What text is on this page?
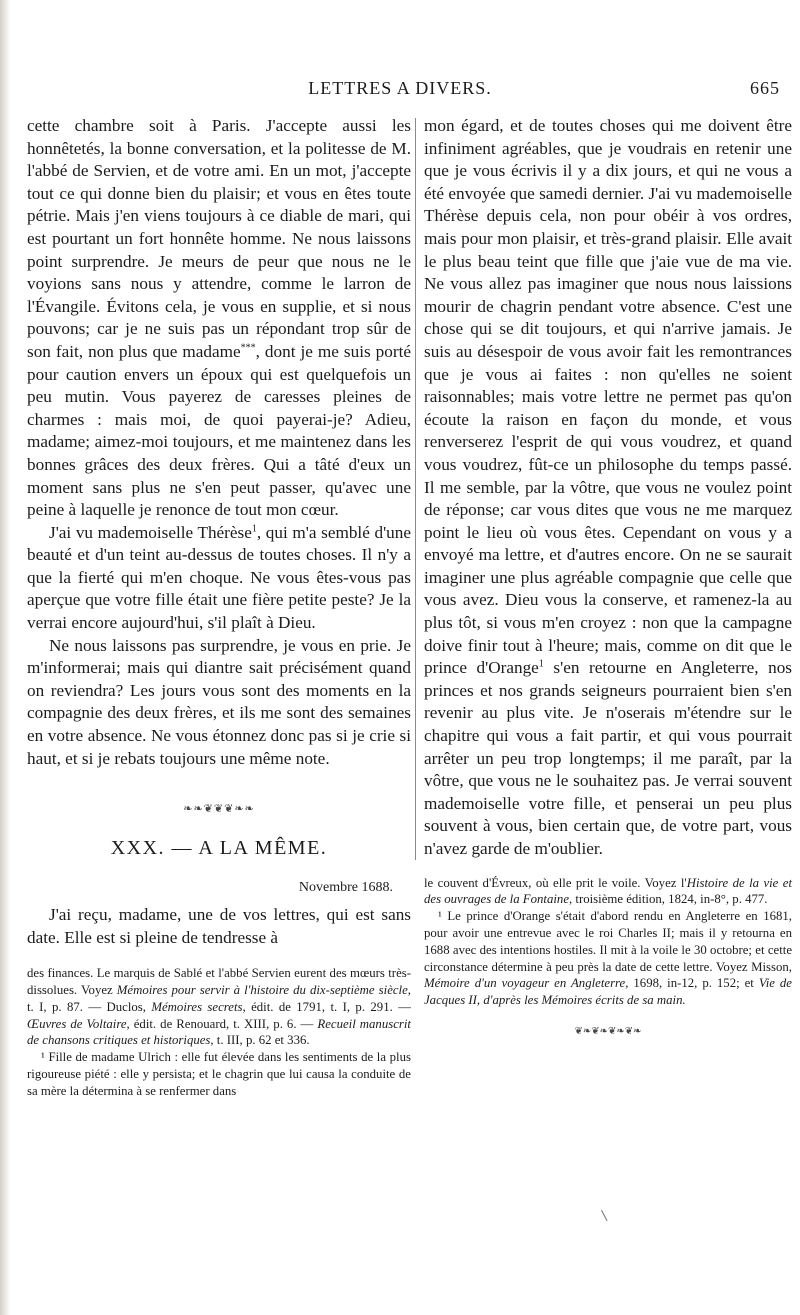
LETTRES A DIVERS.	665

cette chambre soit à Paris. J'accepte aussi les honnêtetés, la bonne conversation, et la politesse de M. l'abbé de Servien, et de votre ami. En un mot, j'accepte tout ce qui donne bien du plaisir; et vous en êtes toute pétrie. Mais j'en viens toujours à ce diable de mari, qui est pourtant un fort honnête homme. Ne nous laissons point surprendre. Je meurs de peur que nous ne le voyions sans nous y attendre, comme le larron de l'Évangile. Évitons cela, je vous en supplie, et si nous pouvons; car je ne suis pas un répondant trop sûr de son fait, non plus que madame***, dont je me suis porté pour caution envers un époux qui est quelquefois un peu mutin. Vous payerez de caresses pleines de charmes : mais moi, de quoi payerai-je? Adieu, madame; aimez-moi toujours, et me maintenez dans les bonnes grâces des deux frères. Qui a tâté d'eux un moment sans plus ne s'en peut passer, qu'avec une peine à laquelle je renonce de tout mon cœur.

J'ai vu mademoiselle Thérèse$^1$, qui m'a semblé d'une beauté et d'un teint au-dessus de toutes choses. Il n'y a que la fierté qui m'en choque. Ne vous êtes-vous pas aperçue que votre fille était une fière petite peste? Je la verrai encore aujourd'hui, s'il plaît à Dieu.

Ne nous laissons pas surprendre, je vous en prie. Je m'informerai; mais qui diantre sait précisément quand on reviendra? Les jours vous sont des moments en la compagnie des deux frères, et ils me sont des semaines en votre absence. Ne vous étonnez donc pas si je crie si haut, et si je rebats toujours une même note.

❧❧❦❦❦❧❧
XXX. — A LA MÊME.
Novembre 1688.

J'ai reçu, madame, une de vos lettres, qui est sans date. Elle est si pleine de tendresse à

des finances. Le marquis de Sablé et l'abbé Servien eurent des mœurs très-dissolues. Voyez Mémoires pour servir à l'histoire du dix-septième siècle, t. I, p. 87. — Duclos, Mémoires secrets, édit. de 1791, t. I, p. 291. — Œuvres de Voltaire, édit. de Renouard, t. XIII, p. 6. — Recueil manuscrit de chansons critiques et historiques, t. III, p. 62 et 336.

¹ Fille de madame Ulrich : elle fut élevée dans les sentiments de la plus rigoureuse piété : elle y persista; et le chagrin que lui causa la conduite de sa mère la détermina à se renfermer dans

mon égard, et de toutes choses qui me doivent être infiniment agréables, que je voudrais en retenir une que je vous écrivis il y a dix jours, et qui ne vous a été envoyée que samedi dernier. J'ai vu mademoiselle Thérèse depuis cela, non pour obéir à vos ordres, mais pour mon plaisir, et très-grand plaisir. Elle avait le plus beau teint que fille que j'aie vue de ma vie. Ne vous allez pas imaginer que nous nous laissions mourir de chagrin pendant votre absence. C'est une chose qui se dit toujours, et qui n'arrive jamais. Je suis au désespoir de vous avoir fait les remontrances que je vous ai faites : non qu'elles ne soient raisonnables; mais votre lettre ne permet pas qu'on écoute la raison en façon du monde, et vous renverserez l'esprit de qui vous voudrez, et quand vous voudrez, fût-ce un philosophe du temps passé. Il me semble, par la vôtre, que vous ne voulez point de réponse; car vous dites que vous ne me marquez point le lieu où vous êtes. Cependant on vous y a envoyé ma lettre, et d'autres encore. On ne se saurait imaginer une plus agréable compagnie que celle que vous avez. Dieu vous la conserve, et ramenez-la au plus tôt, si vous m'en croyez : non que la campagne doive finir tout à l'heure; mais, comme on dit que le prince d'Orange$^1$ s'en retourne en Angleterre, nos princes et nos grands seigneurs pourraient bien s'en revenir au plus vite. Je n'oserais m'étendre sur le chapitre qui vous a fait partir, et qui vous pourrait arrêter un peu trop longtemps; il me paraît, par la vôtre, que vous ne le souhaitez pas. Je verrai souvent mademoiselle votre fille, et penserai un peu plus souvent à vous, bien certain que, de votre part, vous n'avez garde de m'oublier.

le couvent d'Évreux, où elle prit le voile. Voyez l'Histoire de la vie et des ouvrages de la Fontaine, troisième édition, 1824, in-8°, p. 477.

¹ Le prince d'Orange s'était d'abord rendu en Angleterre en 1681, pour avoir une entrevue avec le roi Charles II; mais il y retourna en 1688 avec des intentions hostiles. Il mit à la voile le 30 octobre; et cette circonstance détermine à peu près la date de cette lettre. Voyez Misson, Mémoire d'un voyageur en Angleterre, 1698, in-12, p. 152; et Vie de Jacques II, d'après les Mémoires écrits de sa main.

❦❧❦❧❦❧❦❧
\
